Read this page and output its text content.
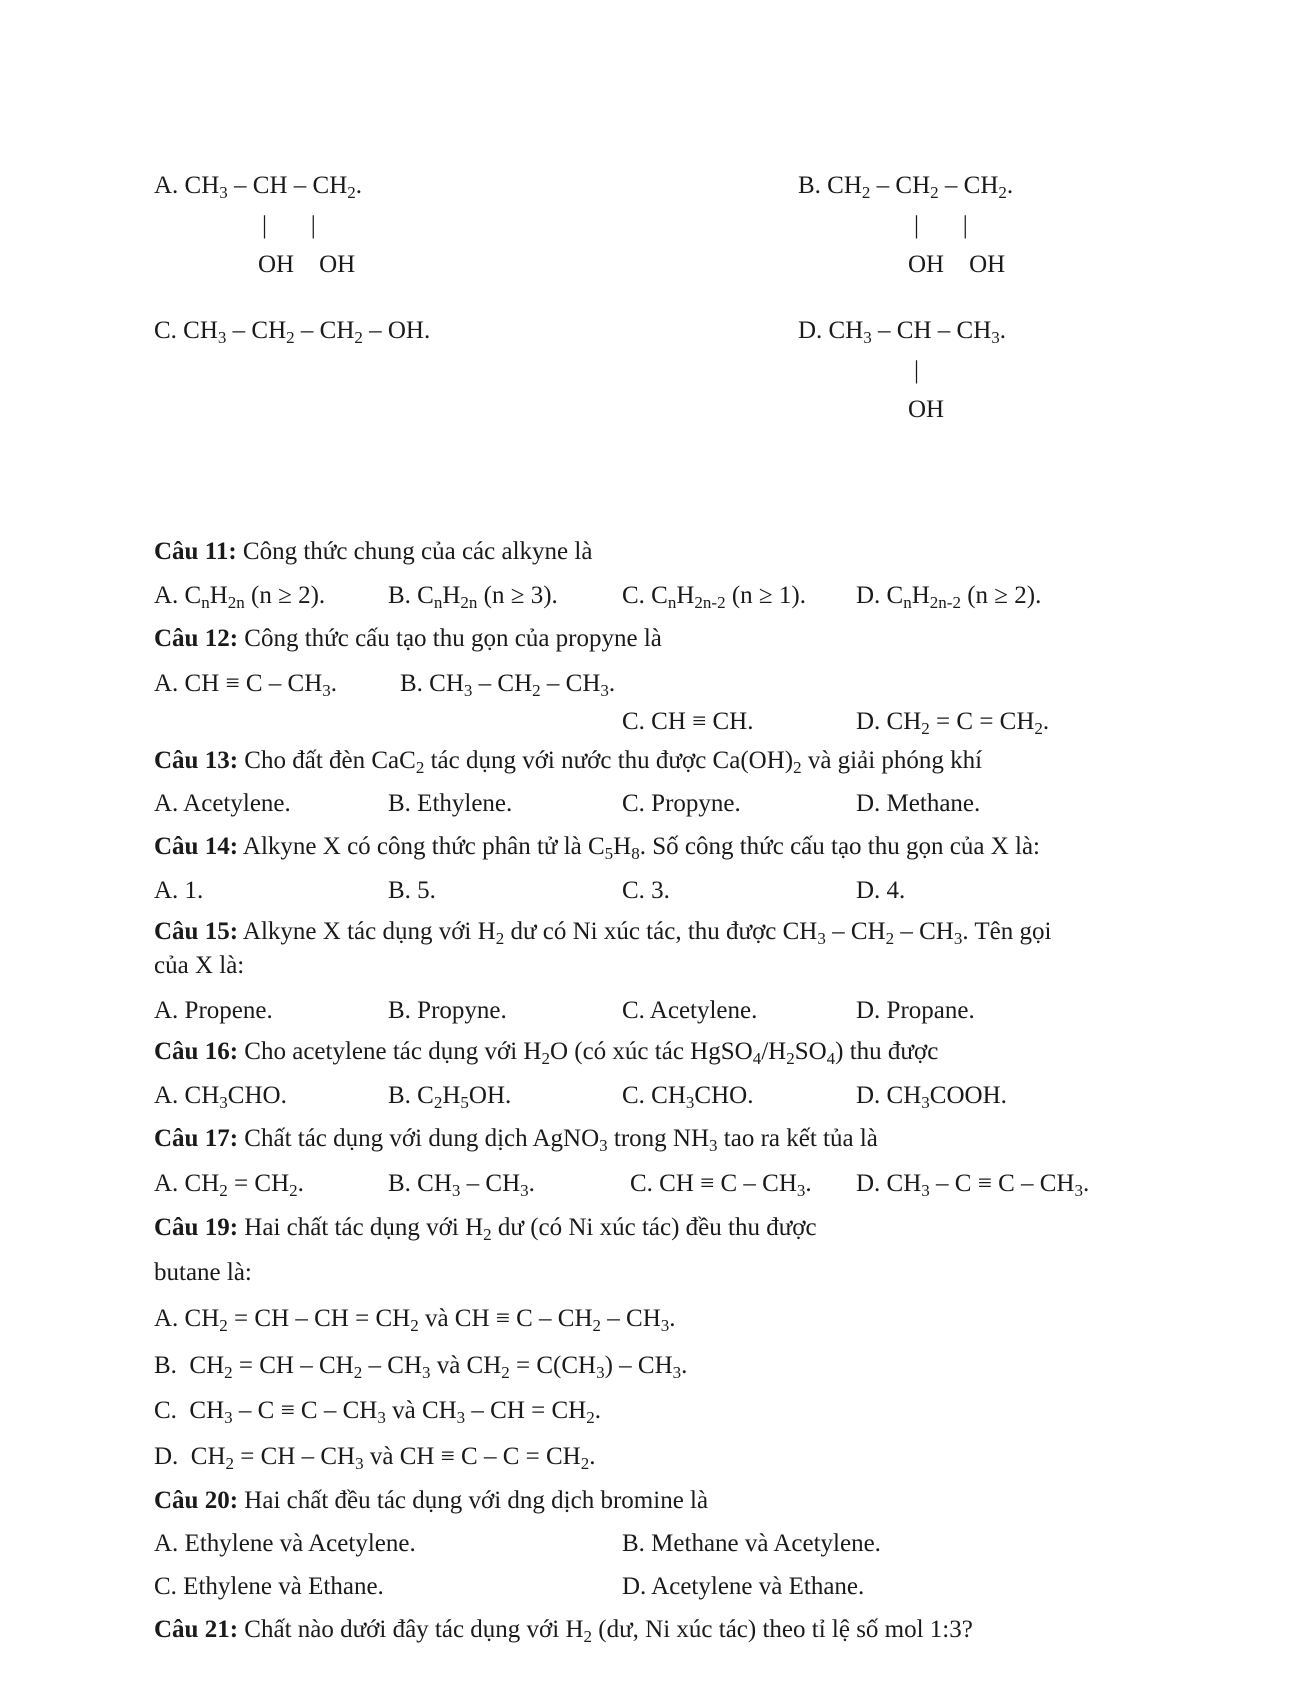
A. $CH_3$ – CH – $CH_2$.
|       |
OH    OH
B. $CH_2 - CH_2 - CH_2$.
|       |
OH    OH
C. $CH_3 - CH_2 - CH_2$ – OH.	D. $CH_3$ – CH – $CH_3$.
|
OH
Câu 11: Công thức chung của các alkyne là
A. $C_nH_{2n}$ (n ≥ 2).	B. $C_nH_{2n}$ (n ≥ 3).	C. $C_nH_{2n-2}$ (n ≥ 1). D. $C_nH_{2n-2}$ (n ≥ 2).
Câu 12: Công thức cấu tạo thu gọn của propyne là
A. CH ≡ C – $CH_3$.	B. $CH_3 - CH_2 - CH_3$.
C. CH ≡ CH.	D. $CH_2 = C = CH_2$.
Câu 13: Cho đất đèn CaC$_2$ tác dụng với nước thu được $Ca(OH)_2$ và giải phóng khí
A. Acetylene.	B. Ethylene.	C. Propyne.	D. Methane.
Câu 14: Alkyne X có công thức phân tử là $C_5H_8$. Số công thức cấu tạo thu gọn của X là:
A. 1.	B. 5.	C. 3.	D. 4.
Câu 15: Alkyne X tác dụng với $H_2$ dư có Ni xúc tác, thu được $CH_3 - CH_2 - CH_3$. Tên gọi
của X là:
A. Propene.	B. Propyne.	C. Acetylene.	D. Propane.
Câu 16: Cho acetylene tác dụng với $H_2O$ (có xúc tác $HgSO_4/H_2SO_4$) thu được
A. $CH_3CHO$.	B. $C_2H_5OH$.	C. $CH_3CHO$.	D. $CH_3COOH$.
Câu 17: Chất tác dụng với dung dịch AgNO$_3$ trong $NH_3$ tao ra kết tủa là
A. $CH_2 = CH_2$.	B. $CH_3 - CH_3$.	C. CH ≡ C – $CH_3$. D. $CH_3 - C \equiv C - CH_3$.
Câu 19: Hai chất tác dụng với $H_2$ dư (có Ni xúc tác) đều thu được
butane là:
A. $CH_2$ = CH – CH = $CH_2$ và CH ≡ C – $CH_2 - CH_3$.
B.  $CH_2$ = CH – $CH_2 - CH_3$ và $CH_2 = C(CH_3) - CH_3$.
C.  $CH_3 - C \equiv C - CH_3$ và $CH_3$ – CH = $CH_2$.
D.  $CH_2$ = CH – $CH_3$ và CH ≡ $C - C = CH_2$.
Câu 20: Hai chất đều tác dụng với dng dịch bromine là
A. Ethylene và Acetylene.	B. Methane và Acetylene.
C. Ethylene và Ethane.	D. Acetylene và Ethane.
Câu 21: Chất nào dưới đây tác dụng với $H_2$ (dư, Ni xúc tác) theo tỉ lệ số mol 1:3?
